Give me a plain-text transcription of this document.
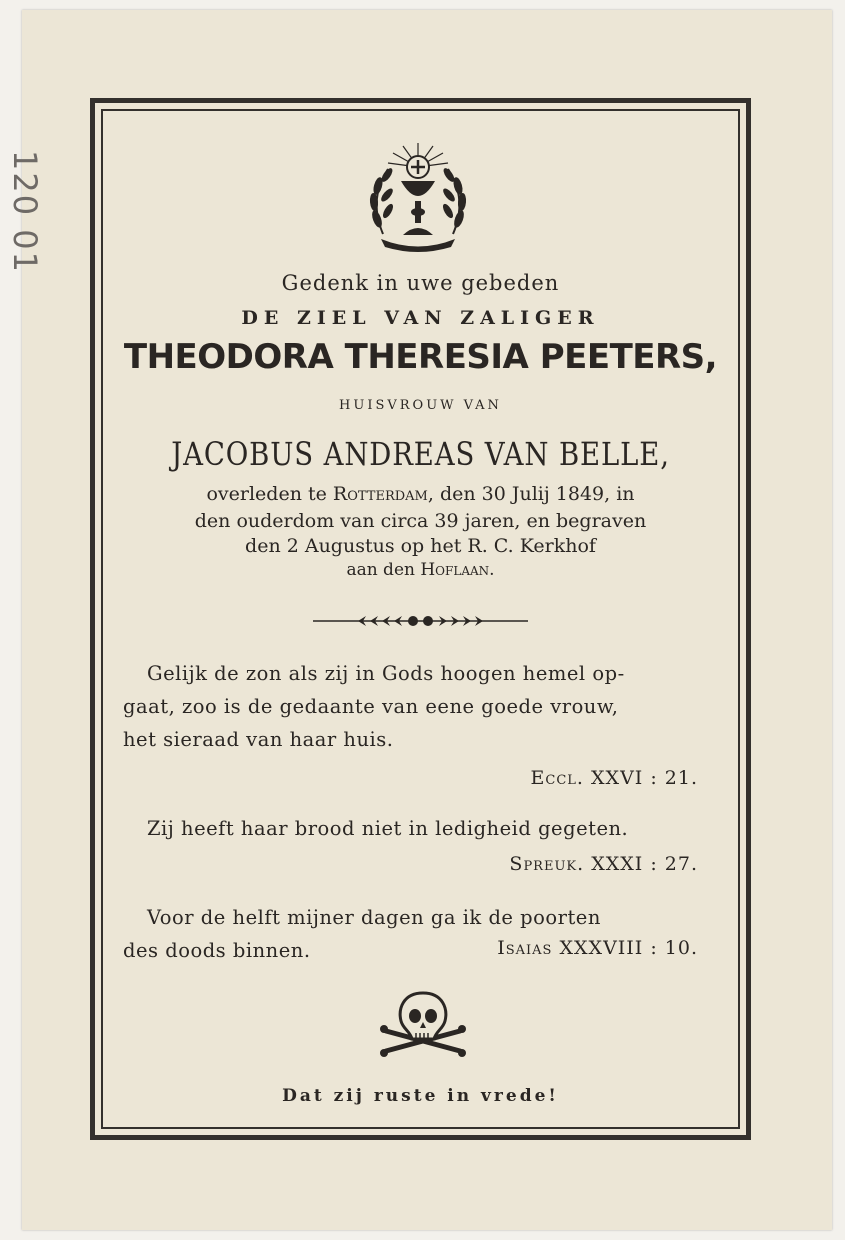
120 01
Gedenk in uwe gebeden
DE ZIEL VAN ZALIGER
THEODORA THERESIA PEETERS,
HUISVROUW VAN
JACOBUS ANDREAS VAN BELLE,
overleden te Rotterdam, den 30 Julij 1849, in
den ouderdom van circa 39 jaren, en begraven
den 2 Augustus op het R. C. Kerkhof
aan den Hoflaan.
Gelijk de zon als zij in Gods hoogen hemel op-
gaat, zoo is de gedaante van eene goede vrouw,
het sieraad van haar huis.
Eccl. XXVI : 21.
Zij heeft haar brood niet in ledigheid gegeten.
Spreuk. XXXI : 27.
Voor de helft mijner dagen ga ik de poorten
des doods binnen.	Isaias XXXVIII : 10.
Dat zij ruste in vrede!
